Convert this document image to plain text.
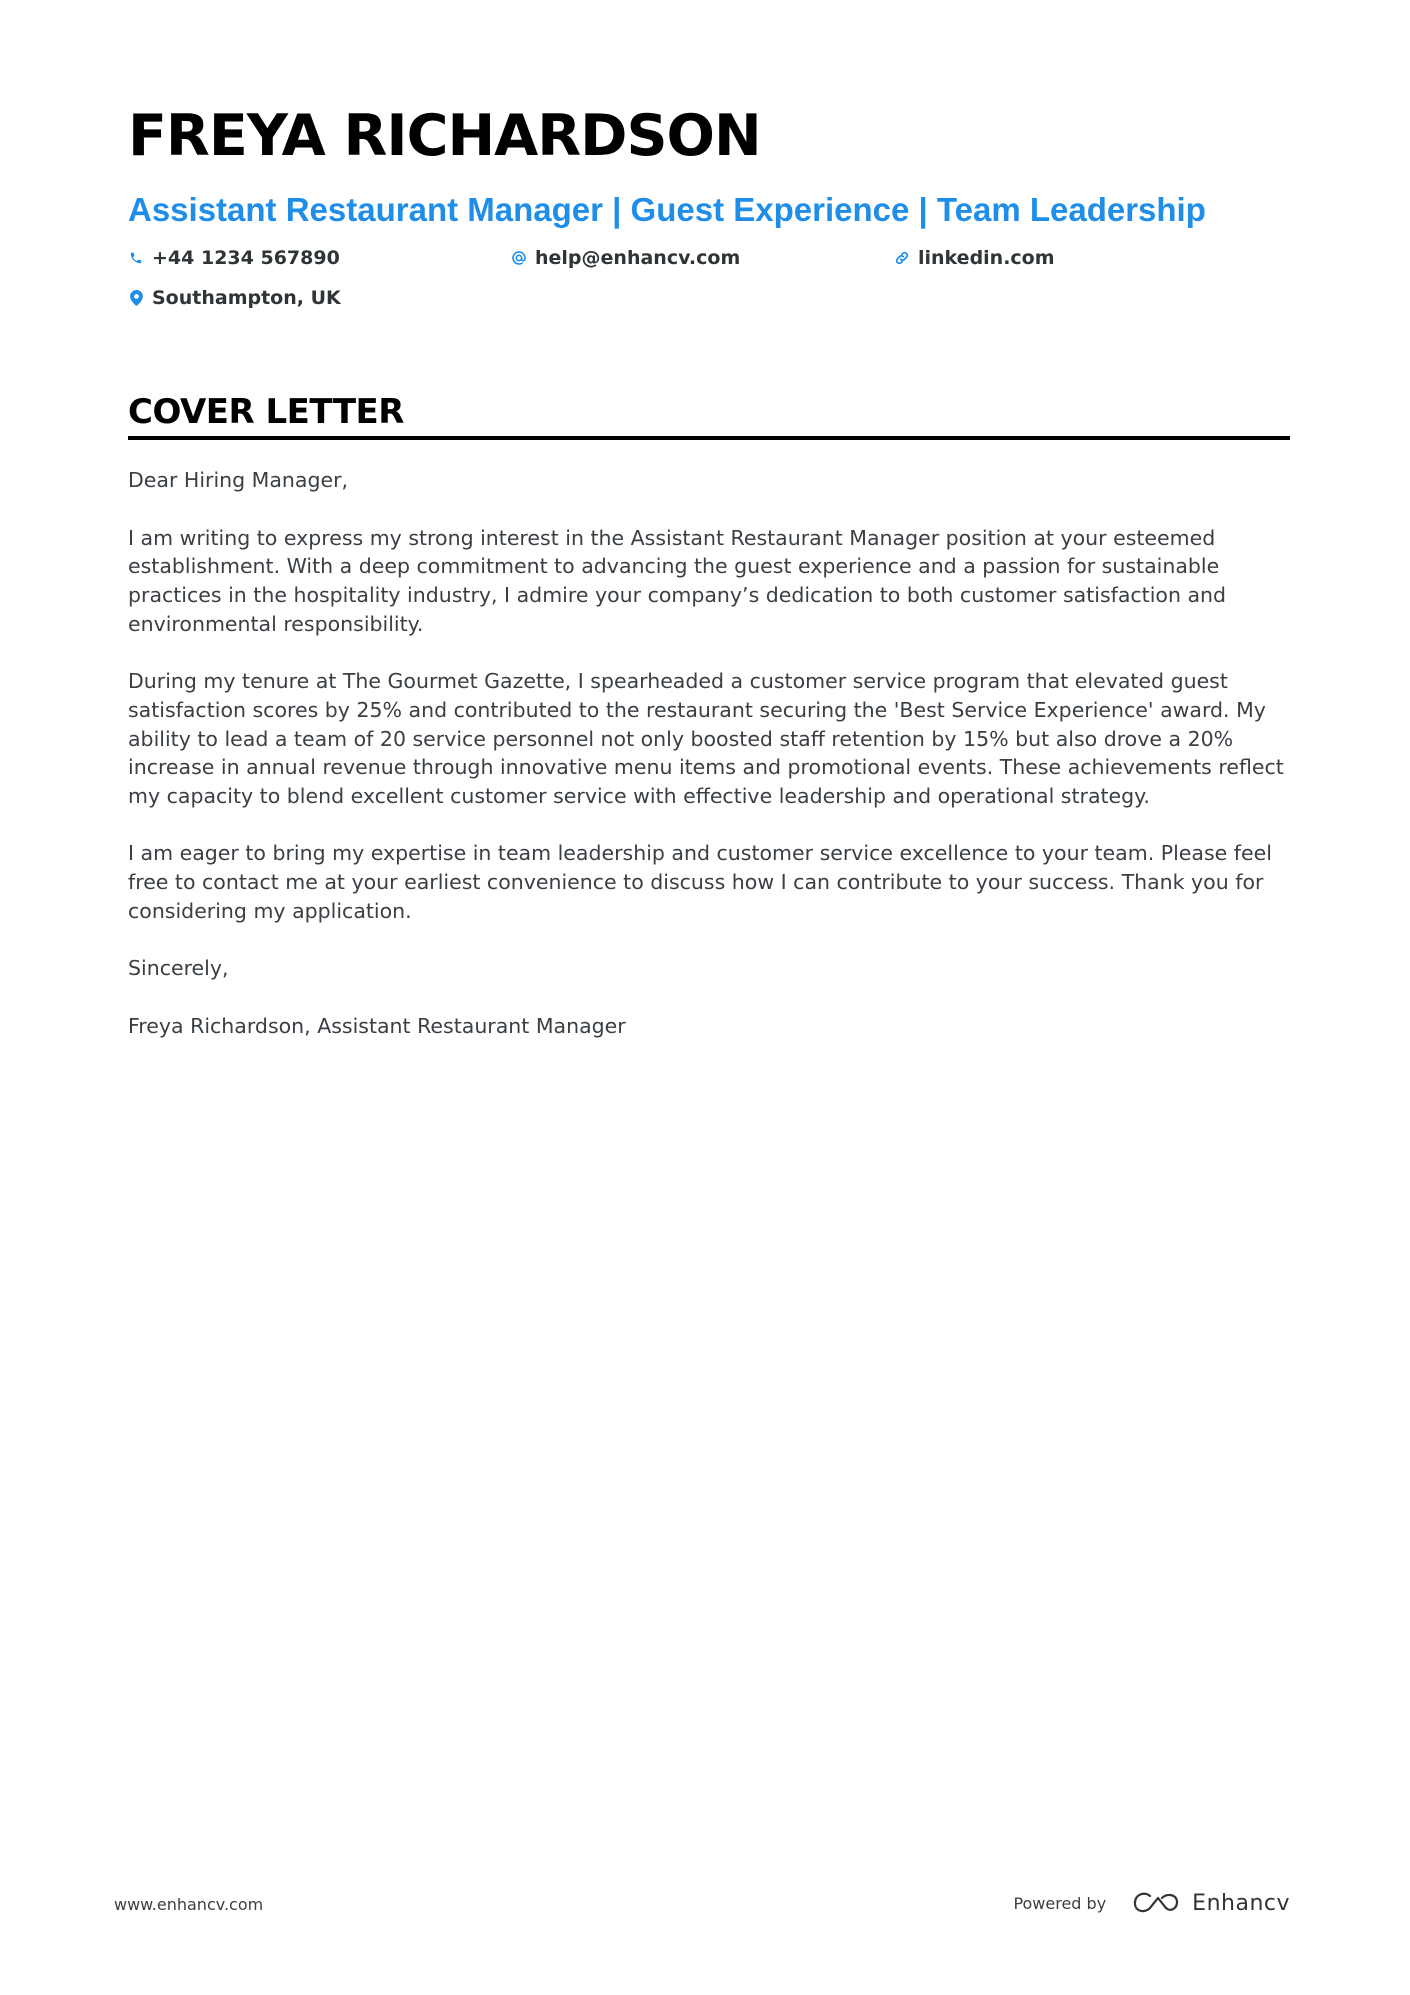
FREYA RICHARDSON
Assistant Restaurant Manager | Guest Experience | Team Leadership
+44 1234 567890	help@enhancv.com	linkedin.com
Southampton, UK
COVER LETTER

Dear Hiring Manager,

I am writing to express my strong interest in the Assistant Restaurant Manager position at your esteemed establishment. With a deep commitment to advancing the guest experience and a passion for sustainable practices in the hospitality industry, I admire your company’s dedication to both customer satisfaction and environmental responsibility.

During my tenure at The Gourmet Gazette, I spearheaded a customer service program that elevated guest satisfaction scores by 25% and contributed to the restaurant securing the 'Best Service Experience' award. My ability to lead a team of 20 service personnel not only boosted staff retention by 15% but also drove a 20% increase in annual revenue through innovative menu items and promotional events. These achievements reflect my capacity to blend excellent customer service with effective leadership and operational strategy.

I am eager to bring my expertise in team leadership and customer service excellence to your team. Please feel free to contact me at your earliest convenience to discuss how I can contribute to your success. Thank you for considering my application.

Sincerely,

Freya Richardson, Assistant Restaurant Manager

www.enhancv.com	Powered by	Enhancv
